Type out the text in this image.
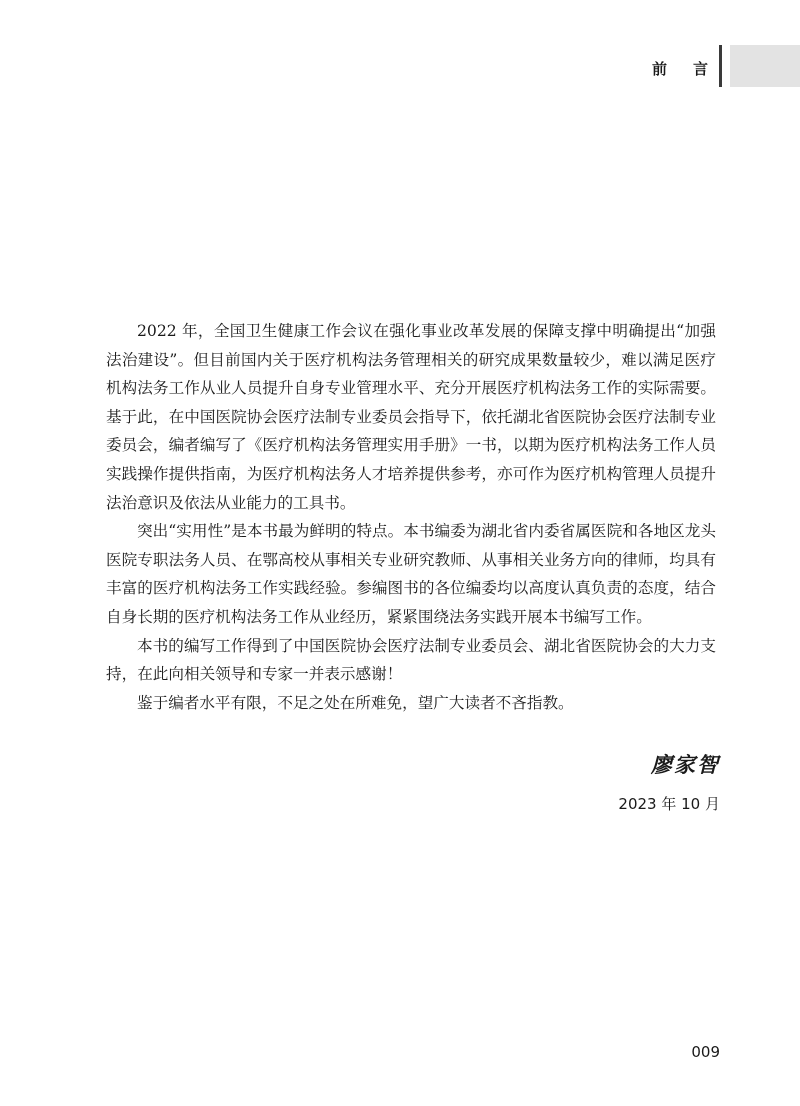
前 言

2022 年，全国卫生健康工作会议在强化事业改革发展的保障支撑中明确提出“加强法治建设”。但目前国内关于医疗机构法务管理相关的研究成果数量较少，难以满足医疗机构法务工作从业人员提升自身专业管理水平、充分开展医疗机构法务工作的实际需要。基于此，在中国医院协会医疗法制专业委员会指导下，依托湖北省医院协会医疗法制专业委员会，编者编写了《医疗机构法务管理实用手册》一书，以期为医疗机构法务工作人员实践操作提供指南，为医疗机构法务人才培养提供参考，亦可作为医疗机构管理人员提升法治意识及依法从业能力的工具书。

突出“实用性”是本书最为鲜明的特点。本书编委为湖北省内委省属医院和各地区龙头医院专职法务人员、在鄂高校从事相关专业研究教师、从事相关业务方向的律师，均具有丰富的医疗机构法务工作实践经验。参编图书的各位编委均以高度认真负责的态度，结合自身长期的医疗机构法务工作从业经历，紧紧围绕法务实践开展本书编写工作。

本书的编写工作得到了中国医院协会医疗法制专业委员会、湖北省医院协会的大力支持，在此向相关领导和专家一并表示感谢！

鉴于编者水平有限，不足之处在所难免，望广大读者不吝指教。

廖家智
2023 年 10 月
009
